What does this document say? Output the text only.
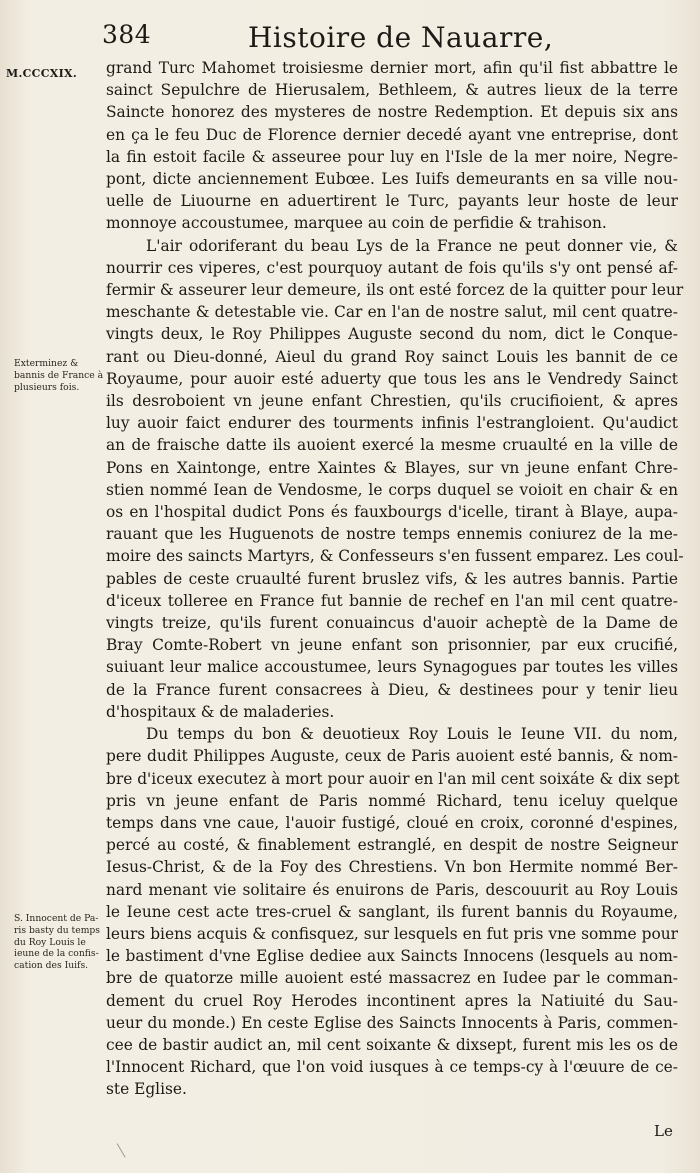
384	Histoire de Nauarre,
M.CCCXIX.
Exterminez &
bannis de France à
plusieurs fois.
S. Innocent de Pa-
ris basty du temps
du Roy Louis le
ieune de la confis-
cation des Iuifs.
grand Turc Mahomet troisiesme dernier mort, afin qu'il fist abbattre le
sainct Sepulchre de Hierusalem, Bethleem, & autres lieux de la terre
Saincte honorez des mysteres de nostre Redemption. Et depuis six ans
en ça le feu Duc de Florence dernier decedé ayant vne entreprise, dont
la fin estoit facile & asseuree pour luy en l'Isle de la mer noire, Negre-
pont, dicte anciennement Eubœe. Les Iuifs demeurants en sa ville nou-
uelle de Liuourne en aduertirent le Turc, payants leur hoste de leur
monnoye accoustumee, marquee au coin de perfidie & trahison.
L'air odoriferant du beau Lys de la France ne peut donner vie, &
nourrir ces viperes, c'est pourquoy autant de fois qu'ils s'y ont pensé af-
fermir & asseurer leur demeure, ils ont esté forcez de la quitter pour leur
meschante & detestable vie. Car en l'an de nostre salut, mil cent quatre-
vingts deux, le Roy Philippes Auguste second du nom, dict le Conque-
rant ou Dieu-donné, Aieul du grand Roy sainct Louis les bannit de ce
Royaume, pour auoir esté aduerty que tous les ans le Vendredy Sainct
ils desroboient vn jeune enfant Chrestien, qu'ils crucifioient, & apres
luy auoir faict endurer des tourments infinis l'estrangloient. Qu'audict
an de fraische datte ils auoient exercé la mesme cruaulté en la ville de
Pons en Xaintonge, entre Xaintes & Blayes, sur vn jeune enfant Chre-
stien nommé Iean de Vendosme, le corps duquel se voioit en chair & en
os en l'hospital dudict Pons és fauxbourgs d'icelle, tirant à Blaye, aupa-
rauant que les Huguenots de nostre temps ennemis coniurez de la me-
moire des saincts Martyrs, & Confesseurs s'en fussent emparez. Les coul-
pables de ceste cruaulté furent bruslez vifs, & les autres bannis. Partie
d'iceux tolleree en France fut bannie de rechef en l'an mil cent quatre-
vingts treize, qu'ils furent conuaincus d'auoir acheptè de la Dame de
Bray Comte-Robert vn jeune enfant son prisonnier, par eux crucifié,
suiuant leur malice accoustumee, leurs Synagogues par toutes les villes
de la France furent consacrees à Dieu, & destinees pour y tenir lieu
d'hospitaux & de maladeries.
Du temps du bon & deuotieux Roy Louis le Ieune VII. du nom,
pere dudit Philippes Auguste, ceux de Paris auoient esté bannis, & nom-
bre d'iceux executez à mort pour auoir en l'an mil cent soixáte & dix sept
pris vn jeune enfant de Paris nommé Richard, tenu iceluy quelque
temps dans vne caue, l'auoir fustigé, cloué en croix, coronné d'espines,
percé au costé, & finablement estranglé, en despit de nostre Seigneur
Iesus-Christ, & de la Foy des Chrestiens. Vn bon Hermite nommé Ber-
nard menant vie solitaire és enuirons de Paris, descouurit au Roy Louis
le Ieune cest acte tres-cruel & sanglant, ils furent bannis du Royaume,
leurs biens acquis & confisquez, sur lesquels en fut pris vne somme pour
le bastiment d'vne Eglise dediee aux Saincts Innocens (lesquels au nom-
bre de quatorze mille auoient esté massacrez en Iudee par le comman-
dement du cruel Roy Herodes incontinent apres la Natiuité du Sau-
ueur du monde.) En ceste Eglise des Saincts Innocents à Paris, commen-
cee de bastir audict an, mil cent soixante & dixsept, furent mis les os de
l'Innocent Richard, que l'on void iusques à ce temps-cy à l'œuure de ce-
ste Eglise.
Le
